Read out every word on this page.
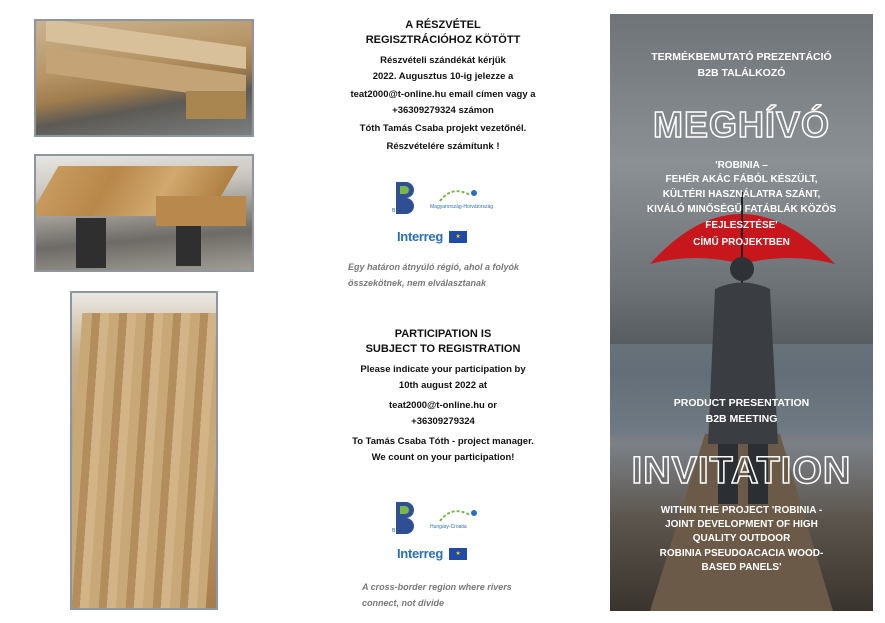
A RÉSZVÉTEL
REGISZTRÁCIÓHOZ KÖTÖTT
Részvételi szándékát kérjük
2022. Augusztus 10-ig jelezze a
teat2000@t-online.hu email címen vagy a
+36309279324 számon
Tóth Tamás Csaba projekt vezetőnél.
Részvételére számítunk !
B light
Magyarország-Horvátország
Interreg	★
Egy határon átnyúló régió, ahol a folyók
összekötnek, nem elválasztanak
PARTICIPATION IS
SUBJECT TO REGISTRATION
Please indicate your participation by
10th august 2022 at
teat2000@t-online.hu or
+36309279324
To Tamás Csaba Tóth - project manager.
We count on your participation!
B light
Hungary-Croatia
Interreg	★
A cross-border region where rivers
connect, not divide
TERMÉKBEMUTATÓ PREZENTÁCIÓ
B2B TALÁLKOZÓ
MEGHÍVÓ
'ROBINIA –
FEHÉR AKÁC FÁBÓL KÉSZÜLT,
KÜLTÉRI HASZNÁLATRA SZÁNT,
KIVÁLÓ MINŐSÉGŰ FATÁBLÁK KÖZÖS
FEJLESZTÉSE'
CÍMŰ PROJEKTBEN
PRODUCT PRESENTATION
B2B MEETING
INVITATION
WITHIN THE PROJECT 'ROBINIA -
JOINT DEVELOPMENT OF HIGH
QUALITY OUTDOOR
ROBINIA PSEUDOACACIA WOOD-
BASED PANELS'
